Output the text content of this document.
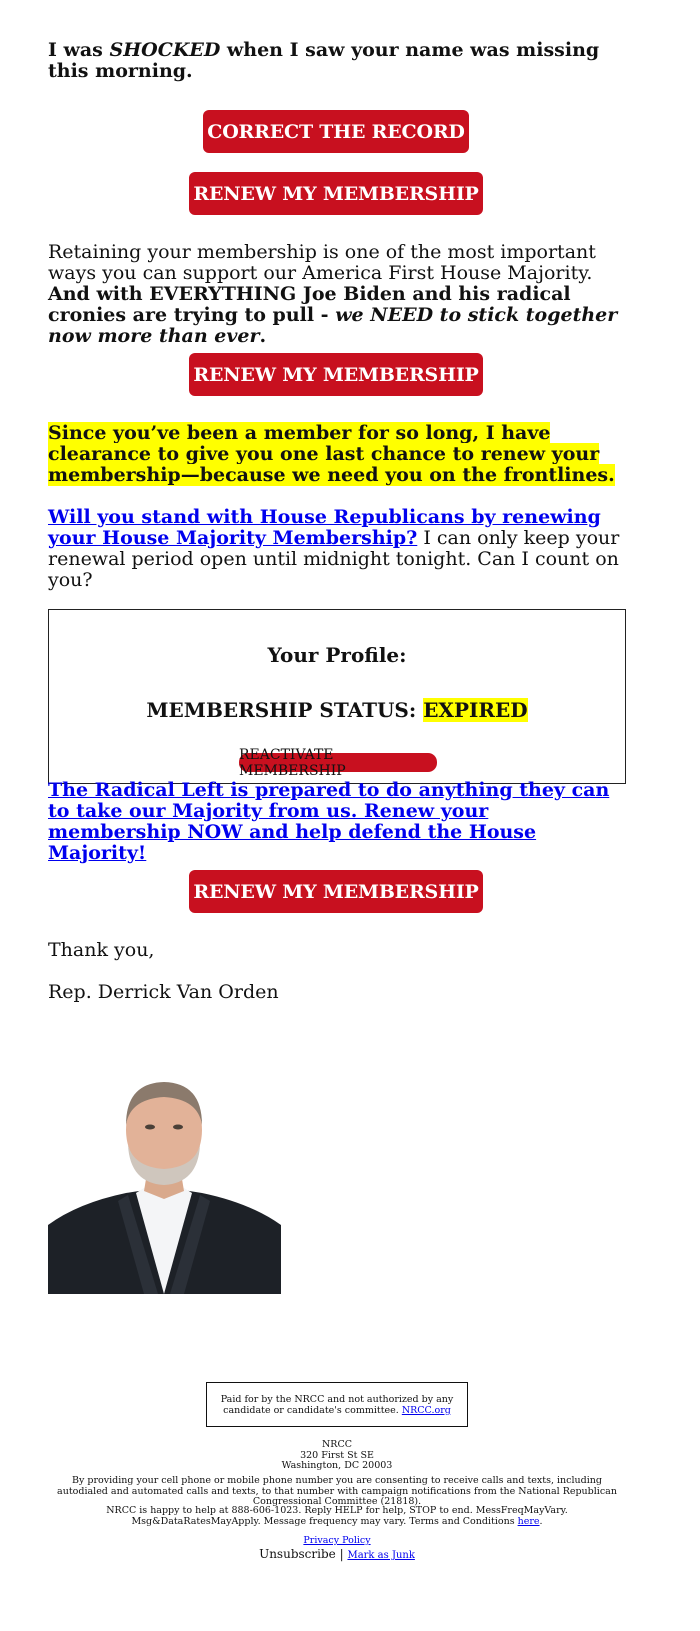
I was SHOCKED when I saw your name was missing this morning.
CORRECT THE RECORD
RENEW MY MEMBERSHIP
Retaining your membership is one of the most important ways you can support our America First House Majority. And with EVERYTHING Joe Biden and his radical cronies are trying to pull - we NEED to stick together now more than ever.
RENEW MY MEMBERSHIP
Since you’ve been a member for so long, I have clearance to give you one last chance to renew your membership—because we need you on the frontlines.
Will you stand with House Republicans by renewing your House Majority Membership? I can only keep your renewal period open until midnight tonight. Can I count on you?
Your Profile:
MEMBERSHIP STATUS: EXPIRED
REACTIVATE MEMBERSHIP
The Radical Left is prepared to do anything they can to take our Majority from us. Renew your membership NOW and help defend the House Majority!
RENEW MY MEMBERSHIP
Thank you,
Rep. Derrick Van Orden
Paid for by the NRCC and not authorized by any candidate or candidate's committee. NRCC.org
NRCC
320 First St SE
Washington, DC 20003
By providing your cell phone or mobile phone number you are consenting to receive calls and texts, including autodialed and automated calls and texts, to that number with campaign notifications from the National Republican Congressional Committee (21818).
NRCC is happy to help at 888-606-1023. Reply HELP for help, STOP to end. MessFreqMayVary. Msg&DataRatesMayApply. Message frequency may vary. Terms and Conditions here.
Privacy Policy
Unsubscribe | Mark as Junk
